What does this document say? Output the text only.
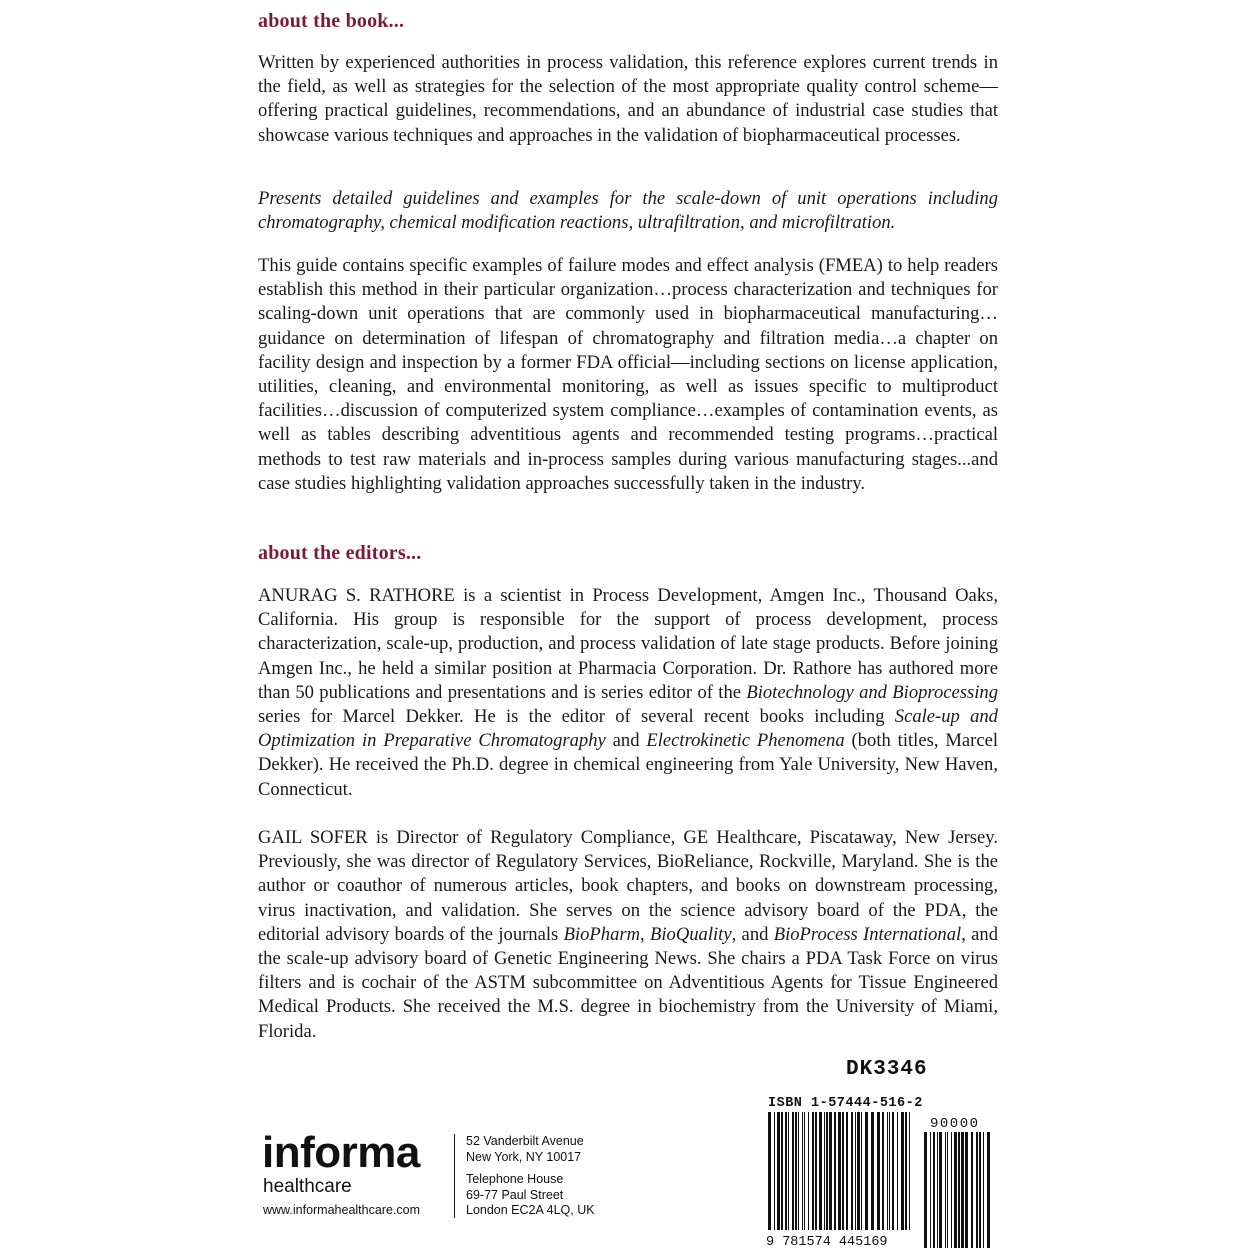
about the book...

Written by experienced authorities in process validation, this reference explores current trends in the field, as well as strategies for the selection of the most appropriate quality control scheme—offering practical guidelines, recommendations, and an abundance of industrial case studies that showcase various techniques and approaches in the validation of biopharmaceutical processes.

Presents detailed guidelines and examples for the scale-down of unit operations including chromatography, chemical modification reactions, ultrafiltration, and microfiltration.

This guide contains specific examples of failure modes and effect analysis (FMEA) to help readers establish this method in their particular organization…process characterization and techniques for scaling-down unit operations that are commonly used in biopharmaceutical manufacturing…guidance on determination of lifespan of chromatography and filtration media…a chapter on facility design and inspection by a former FDA official—including sections on license application, utilities, cleaning, and environmental monitoring, as well as issues specific to multiproduct facilities…discussion of computerized system compliance…examples of contamination events, as well as tables describing adventitious agents and recommended testing programs…practical methods to test raw materials and in-process samples during various manufacturing stages...and case studies highlighting validation approaches successfully taken in the industry.

about the editors...

ANURAG S. RATHORE is a scientist in Process Development, Amgen Inc., Thousand Oaks, California. His group is responsible for the support of process development, process characterization, scale-up, production, and process validation of late stage products. Before joining Amgen Inc., he held a similar position at Pharmacia Corporation. Dr. Rathore has authored more than 50 publications and presentations and is series editor of the Biotechnology and Bioprocessing series for Marcel Dekker. He is the editor of several recent books including Scale-up and Optimization in Preparative Chromatography and Electrokinetic Phenomena (both titles, Marcel Dekker). He received the Ph.D. degree in chemical engineering from Yale University, New Haven, Connecticut.

GAIL SOFER is Director of Regulatory Compliance, GE Healthcare, Piscataway, New Jersey. Previously, she was director of Regulatory Services, BioReliance, Rockville, Maryland. She is the author or coauthor of numerous articles, book chapters, and books on downstream processing, virus inactivation, and validation. She serves on the science advisory board of the PDA, the editorial advisory boards of the journals BioPharm, BioQuality, and BioProcess International, and the scale-up advisory board of Genetic Engineering News. She chairs a PDA Task Force on virus filters and is cochair of the ASTM subcommittee on Adventitious Agents for Tissue Engineered Medical Products. She received the M.S. degree in biochemistry from the University of Miami, Florida.

DK3346
ISBN 1-57444-516-2
9 781574 445169
90000
informa
healthcare
www.informahealthcare.com
52 Vanderbilt Avenue
New York, NY 10017
Telephone House
69-77 Paul Street
London EC2A 4LQ, UK
